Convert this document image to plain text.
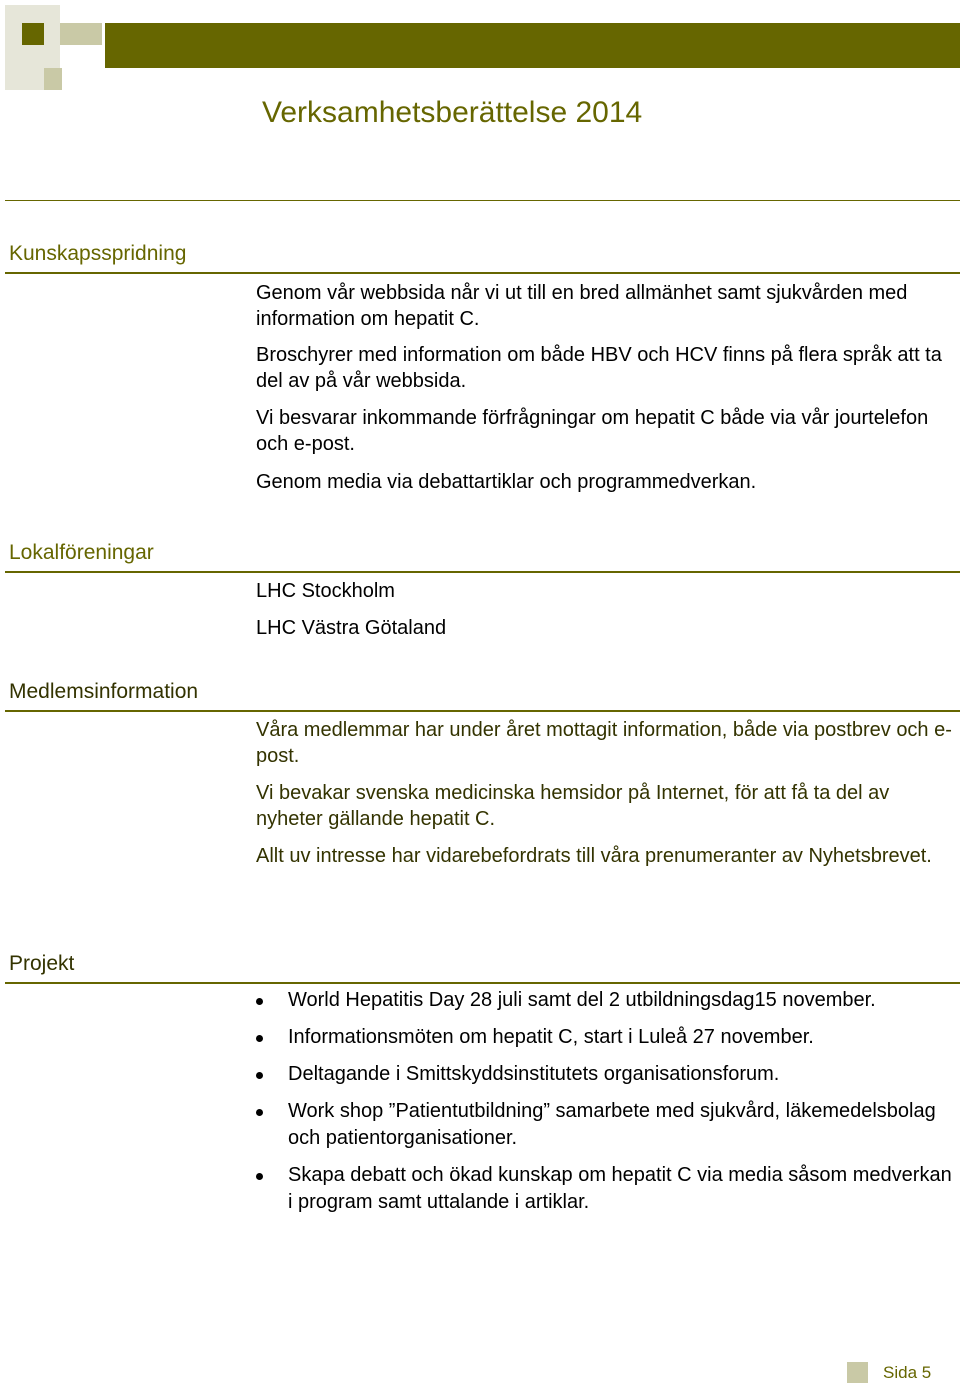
Verksamhetsberättelse 2014
Kunskapsspridning

Genom vår webbsida når vi ut till en bred allmänhet samt sjukvården med information om hepatit C.

Broschyrer med information om både HBV och HCV finns på flera språk att ta del av på vår webbsida.

Vi besvarar inkommande förfrågningar om hepatit C både via vår jourtelefon och e-post.

Genom media via debattartiklar och programmedverkan.

Lokalföreningar

LHC Stockholm

LHC Västra Götaland

Medlemsinformation

Våra medlemmar har under året mottagit information, både via postbrev och e-post.

Vi bevakar svenska medicinska hemsidor på Internet, för att få ta del av nyheter gällande hepatit C.

Allt uv intresse har vidarebefordrats till våra prenumeranter av Nyhetsbrevet.

Projekt
World Hepatitis Day 28 juli samt del 2 utbildningsdag15 november.
Informationsmöten om hepatit C, start i Luleå 27 november.
Deltagande i Smittskyddsinstitutets organisationsforum.
Work shop ”Patientutbildning” samarbete med sjukvård, läkemedelsbolag och patientorganisationer.
Skapa debatt och ökad kunskap om hepatit C via media såsom medverkan i program samt uttalande i artiklar.
Sida 5
